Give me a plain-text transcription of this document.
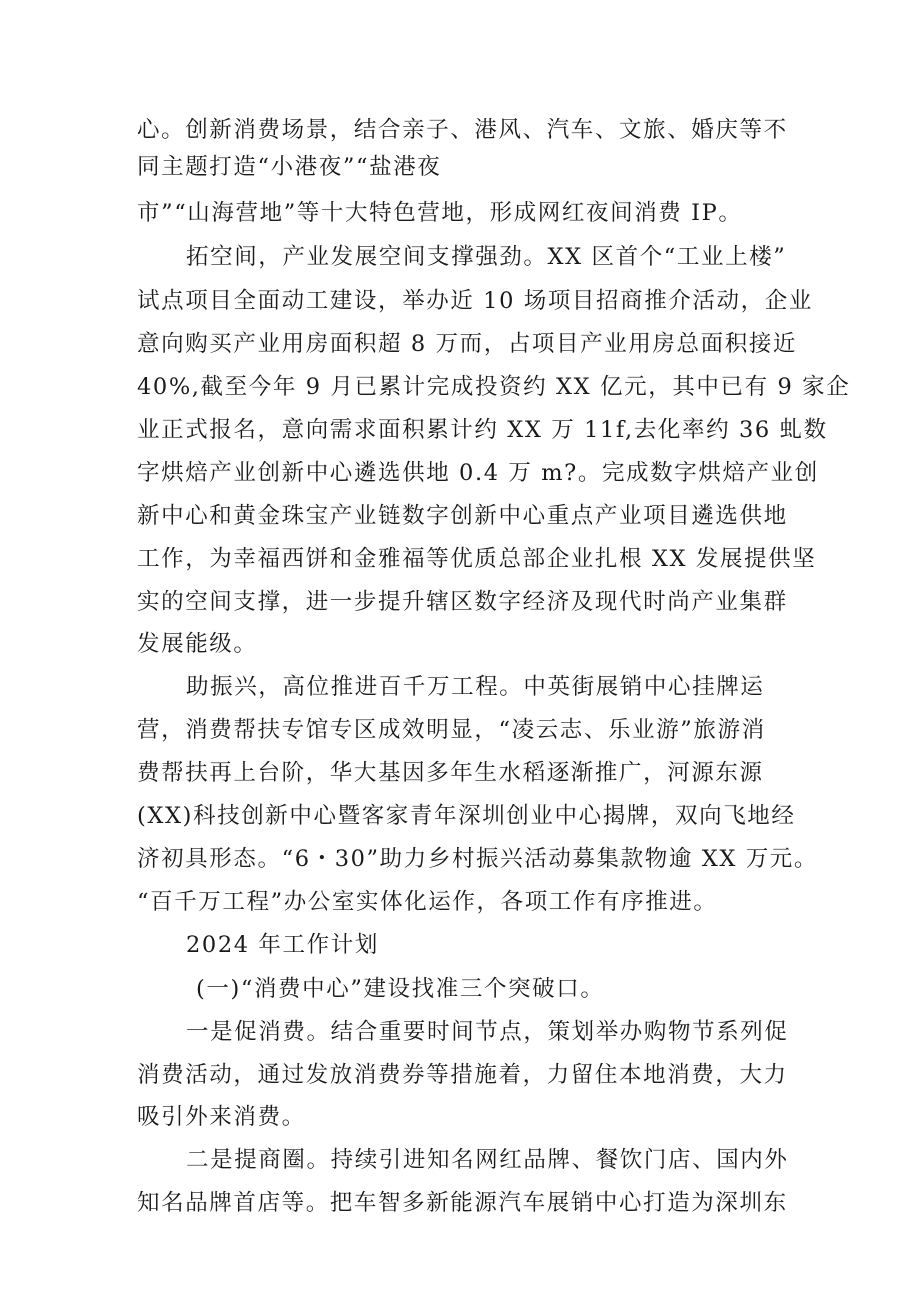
心。创新消费场景，结合亲子、港风、汽车、文旅、婚庆等不
同主题打造“小港夜”“盐港夜
市”“山海营地”等十大特色营地，形成网红夜间消费 IP。
拓空间，产业发展空间支撑强劲。XX 区首个“工业上楼”
试点项目全面动工建设，举办近 10 场项目招商推介活动，企业
意向购买产业用房面积超 8 万而，占项目产业用房总面积接近
40%,截至今年 9 月已累计完成投资约 XX 亿元，其中已有 9 家企
业正式报名，意向需求面积累计约 XX 万 11f,去化率约 36 虬数
字烘焙产业创新中心遴选供地 0.4 万 m?。完成数字烘焙产业创
新中心和黄金珠宝产业链数字创新中心重点产业项目遴选供地
工作，为幸福西饼和金雅福等优质总部企业扎根 XX 发展提供坚
实的空间支撑，进一步提升辖区数字经济及现代时尚产业集群
发展能级。
助振兴，高位推进百千万工程。中英街展销中心挂牌运
营，消费帮扶专馆专区成效明显，“凌云志、乐业游”旅游消
费帮扶再上台阶，华大基因多年生水稻逐渐推广，河源东源
(XX)科技创新中心暨客家青年深圳创业中心揭牌，双向飞地经
济初具形态。“6・30”助力乡村振兴活动募集款物逾 XX 万元。
“百千万工程”办公室实体化运作，各项工作有序推进。
2024 年工作计划
(一)“消费中心”建设找准三个突破口。
一是促消费。结合重要时间节点，策划举办购物节系列促
消费活动，通过发放消费券等措施着，力留住本地消费，大力
吸引外来消费。
二是提商圈。持续引进知名网红品牌、餐饮门店、国内外
知名品牌首店等。把车智多新能源汽车展销中心打造为深圳东
